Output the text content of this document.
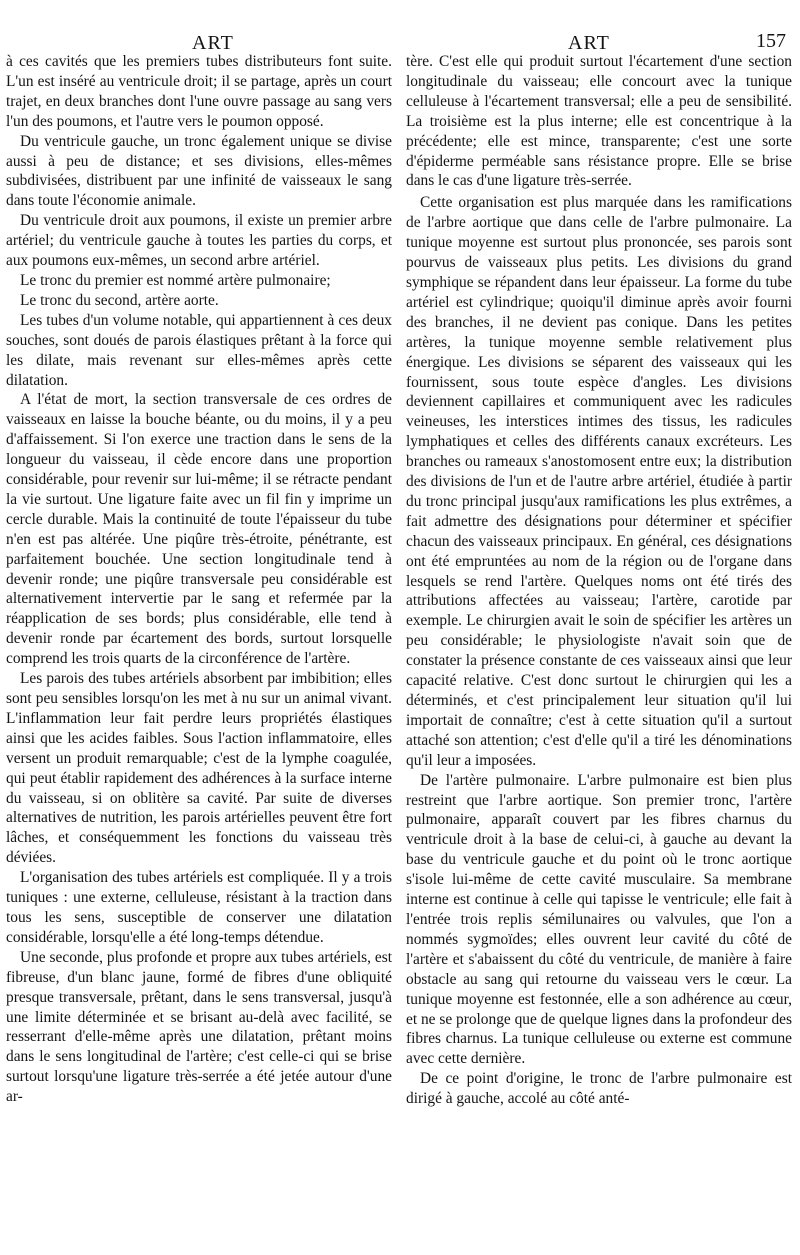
ART	ART	157

à ces cavités que les premiers tubes distributeurs font suite. L'un est inséré au ventricule droit; il se partage, après un court trajet, en deux branches dont l'une ouvre passage au sang vers l'un des poumons, et l'autre vers le poumon opposé.

Du ventricule gauche, un tronc également unique se divise aussi à peu de distance; et ses divisions, elles-mêmes subdivisées, distribuent par une infinité de vaisseaux le sang dans toute l'économie animale.

Du ventricule droit aux poumons, il existe un premier arbre artériel; du ventricule gauche à toutes les parties du corps, et aux poumons eux-mêmes, un second arbre artériel.

Le tronc du premier est nommé artère pulmonaire;

Le tronc du second, artère aorte.

Les tubes d'un volume notable, qui appartiennent à ces deux souches, sont doués de parois élastiques prêtant à la force qui les dilate, mais revenant sur elles-mêmes après cette dilatation.

A l'état de mort, la section transversale de ces ordres de vaisseaux en laisse la bouche béante, ou du moins, il y a peu d'affaissement. Si l'on exerce une traction dans le sens de la longueur du vaisseau, il cède encore dans une proportion considérable, pour revenir sur lui-même; il se rétracte pendant la vie surtout. Une ligature faite avec un fil fin y imprime un cercle durable. Mais la continuité de toute l'épaisseur du tube n'en est pas altérée. Une piqûre très-étroite, pénétrante, est parfaitement bouchée. Une section longitudinale tend à devenir ronde; une piqûre transversale peu considérable est alternativement intervertie par le sang et refermée par la réapplication de ses bords; plus considérable, elle tend à devenir ronde par écartement des bords, surtout lorsquelle comprend les trois quarts de la circonférence de l'artère.

Les parois des tubes artériels absorbent par imbibition; elles sont peu sensibles lorsqu'on les met à nu sur un animal vivant. L'inflammation leur fait perdre leurs propriétés élastiques ainsi que les acides faibles. Sous l'action inflammatoire, elles versent un produit remarquable; c'est de la lymphe coagulée, qui peut établir rapidement des adhérences à la surface interne du vaisseau, si on oblitère sa cavité. Par suite de diverses alternatives de nutrition, les parois artérielles peuvent être fort lâches, et conséquemment les fonctions du vaisseau très déviées.

L'organisation des tubes artériels est compliquée. Il y a trois tuniques : une externe, celluleuse, résistant à la traction dans tous les sens, susceptible de conserver une dilatation considérable, lorsqu'elle a été long-temps détendue.

Une seconde, plus profonde et propre aux tubes artériels, est fibreuse, d'un blanc jaune, formé de fibres d'une obliquité presque transversale, prêtant, dans le sens transversal, jusqu'à une limite déterminée et se brisant au-delà avec facilité, se resserrant d'elle-même après une dilatation, prêtant moins dans le sens longitudinal de l'artère; c'est celle-ci qui se brise surtout lorsqu'une ligature très-serrée a été jetée autour d'une ar-

tère. C'est elle qui produit surtout l'écartement d'une section longitudinale du vaisseau; elle concourt avec la tunique celluleuse à l'écartement transversal; elle a peu de sensibilité. La troisième est la plus interne; elle est concentrique à la précédente; elle est mince, transparente; c'est une sorte d'épiderme perméable sans résistance propre. Elle se brise dans le cas d'une ligature très-serrée.

Cette organisation est plus marquée dans les ramifications de l'arbre aortique que dans celle de l'arbre pulmonaire. La tunique moyenne est surtout plus prononcée, ses parois sont pourvus de vaisseaux plus petits. Les divisions du grand symphique se répandent dans leur épaisseur. La forme du tube artériel est cylindrique; quoiqu'il diminue après avoir fourni des branches, il ne devient pas conique. Dans les petites artères, la tunique moyenne semble relativement plus énergique. Les divisions se séparent des vaisseaux qui les fournissent, sous toute espèce d'angles. Les divisions deviennent capillaires et communiquent avec les radicules veineuses, les interstices intimes des tissus, les radicules lymphatiques et celles des différents canaux excréteurs. Les branches ou rameaux s'anostomosent entre eux; la distribution des divisions de l'un et de l'autre arbre artériel, étudiée à partir du tronc principal jusqu'aux ramifications les plus extrêmes, a fait admettre des désignations pour déterminer et spécifier chacun des vaisseaux principaux. En général, ces désignations ont été empruntées au nom de la région ou de l'organe dans lesquels se rend l'artère. Quelques noms ont été tirés des attributions affectées au vaisseau; l'artère, carotide par exemple. Le chirurgien avait le soin de spécifier les artères un peu considérable; le physiologiste n'avait soin que de constater la présence constante de ces vaisseaux ainsi que leur capacité relative. C'est donc surtout le chirurgien qui les a déterminés, et c'est principalement leur situation qu'il lui importait de connaître; c'est à cette situation qu'il a surtout attaché son attention; c'est d'elle qu'il a tiré les dénominations qu'il leur a imposées.

De l'artère pulmonaire. L'arbre pulmonaire est bien plus restreint que l'arbre aortique. Son premier tronc, l'artère pulmonaire, apparaît couvert par les fibres charnus du ventricule droit à la base de celui-ci, à gauche au devant la base du ventricule gauche et du point où le tronc aortique s'isole lui-même de cette cavité musculaire. Sa membrane interne est continue à celle qui tapisse le ventricule; elle fait à l'entrée trois replis sémilunaires ou valvules, que l'on a nommés sygmoïdes; elles ouvrent leur cavité du côté de l'artère et s'abaissent du côté du ventricule, de manière à faire obstacle au sang qui retourne du vaisseau vers le cœur. La tunique moyenne est festonnée, elle a son adhérence au cœur, et ne se prolonge que de quelque lignes dans la profondeur des fibres charnus. La tunique celluleuse ou externe est commune avec cette dernière.

De ce point d'origine, le tronc de l'arbre pulmonaire est dirigé à gauche, accolé au côté anté-
